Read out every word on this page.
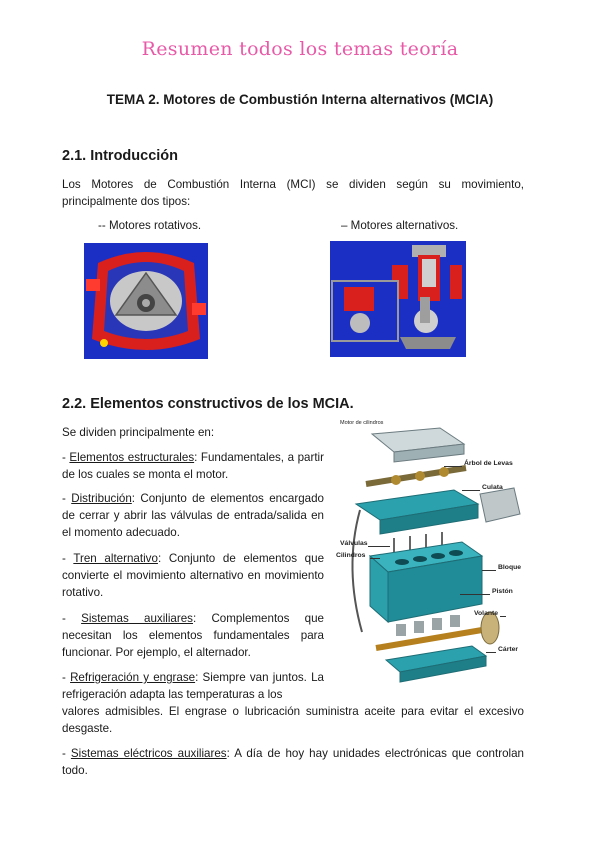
Resumen todos los temas teoría
TEMA 2. Motores de Combustión Interna alternativos (MCIA)
2.1. Introducción
Los Motores de Combustión Interna (MCI) se dividen según su movimiento, principalmente dos tipos:
-- Motores rotativos.	– Motores alternativos.
2.2. Elementos constructivos de los MCIA.
Se dividen principalmente en:
- Elementos estructurales: Fundamentales, a partir de los cuales se monta el motor.
- Distribución: Conjunto de elementos encargado de cerrar y abrir las válvulas de entrada/salida en el momento adecuado.
- Tren alternativo: Conjunto de elementos que convierte el movimiento alternativo en movimiento rotativo.
- Sistemas auxiliares: Complementos que necesitan los elementos fundamentales para funcionar. Por ejemplo, el alternador.
- Refrigeración y engrase: Siempre van juntos. La refrigeración adapta las temperaturas a los
valores admisibles. El engrase o lubricación suministra aceite para evitar el excesivo desgaste.
- Sistemas eléctricos auxiliares: A día de hoy hay unidades electrónicas que controlan todo.
Motor de cilindros
Árbol de Levas
Culata
Válvulas
Cilindros
Bloque
Pistón
Volante
Cárter
